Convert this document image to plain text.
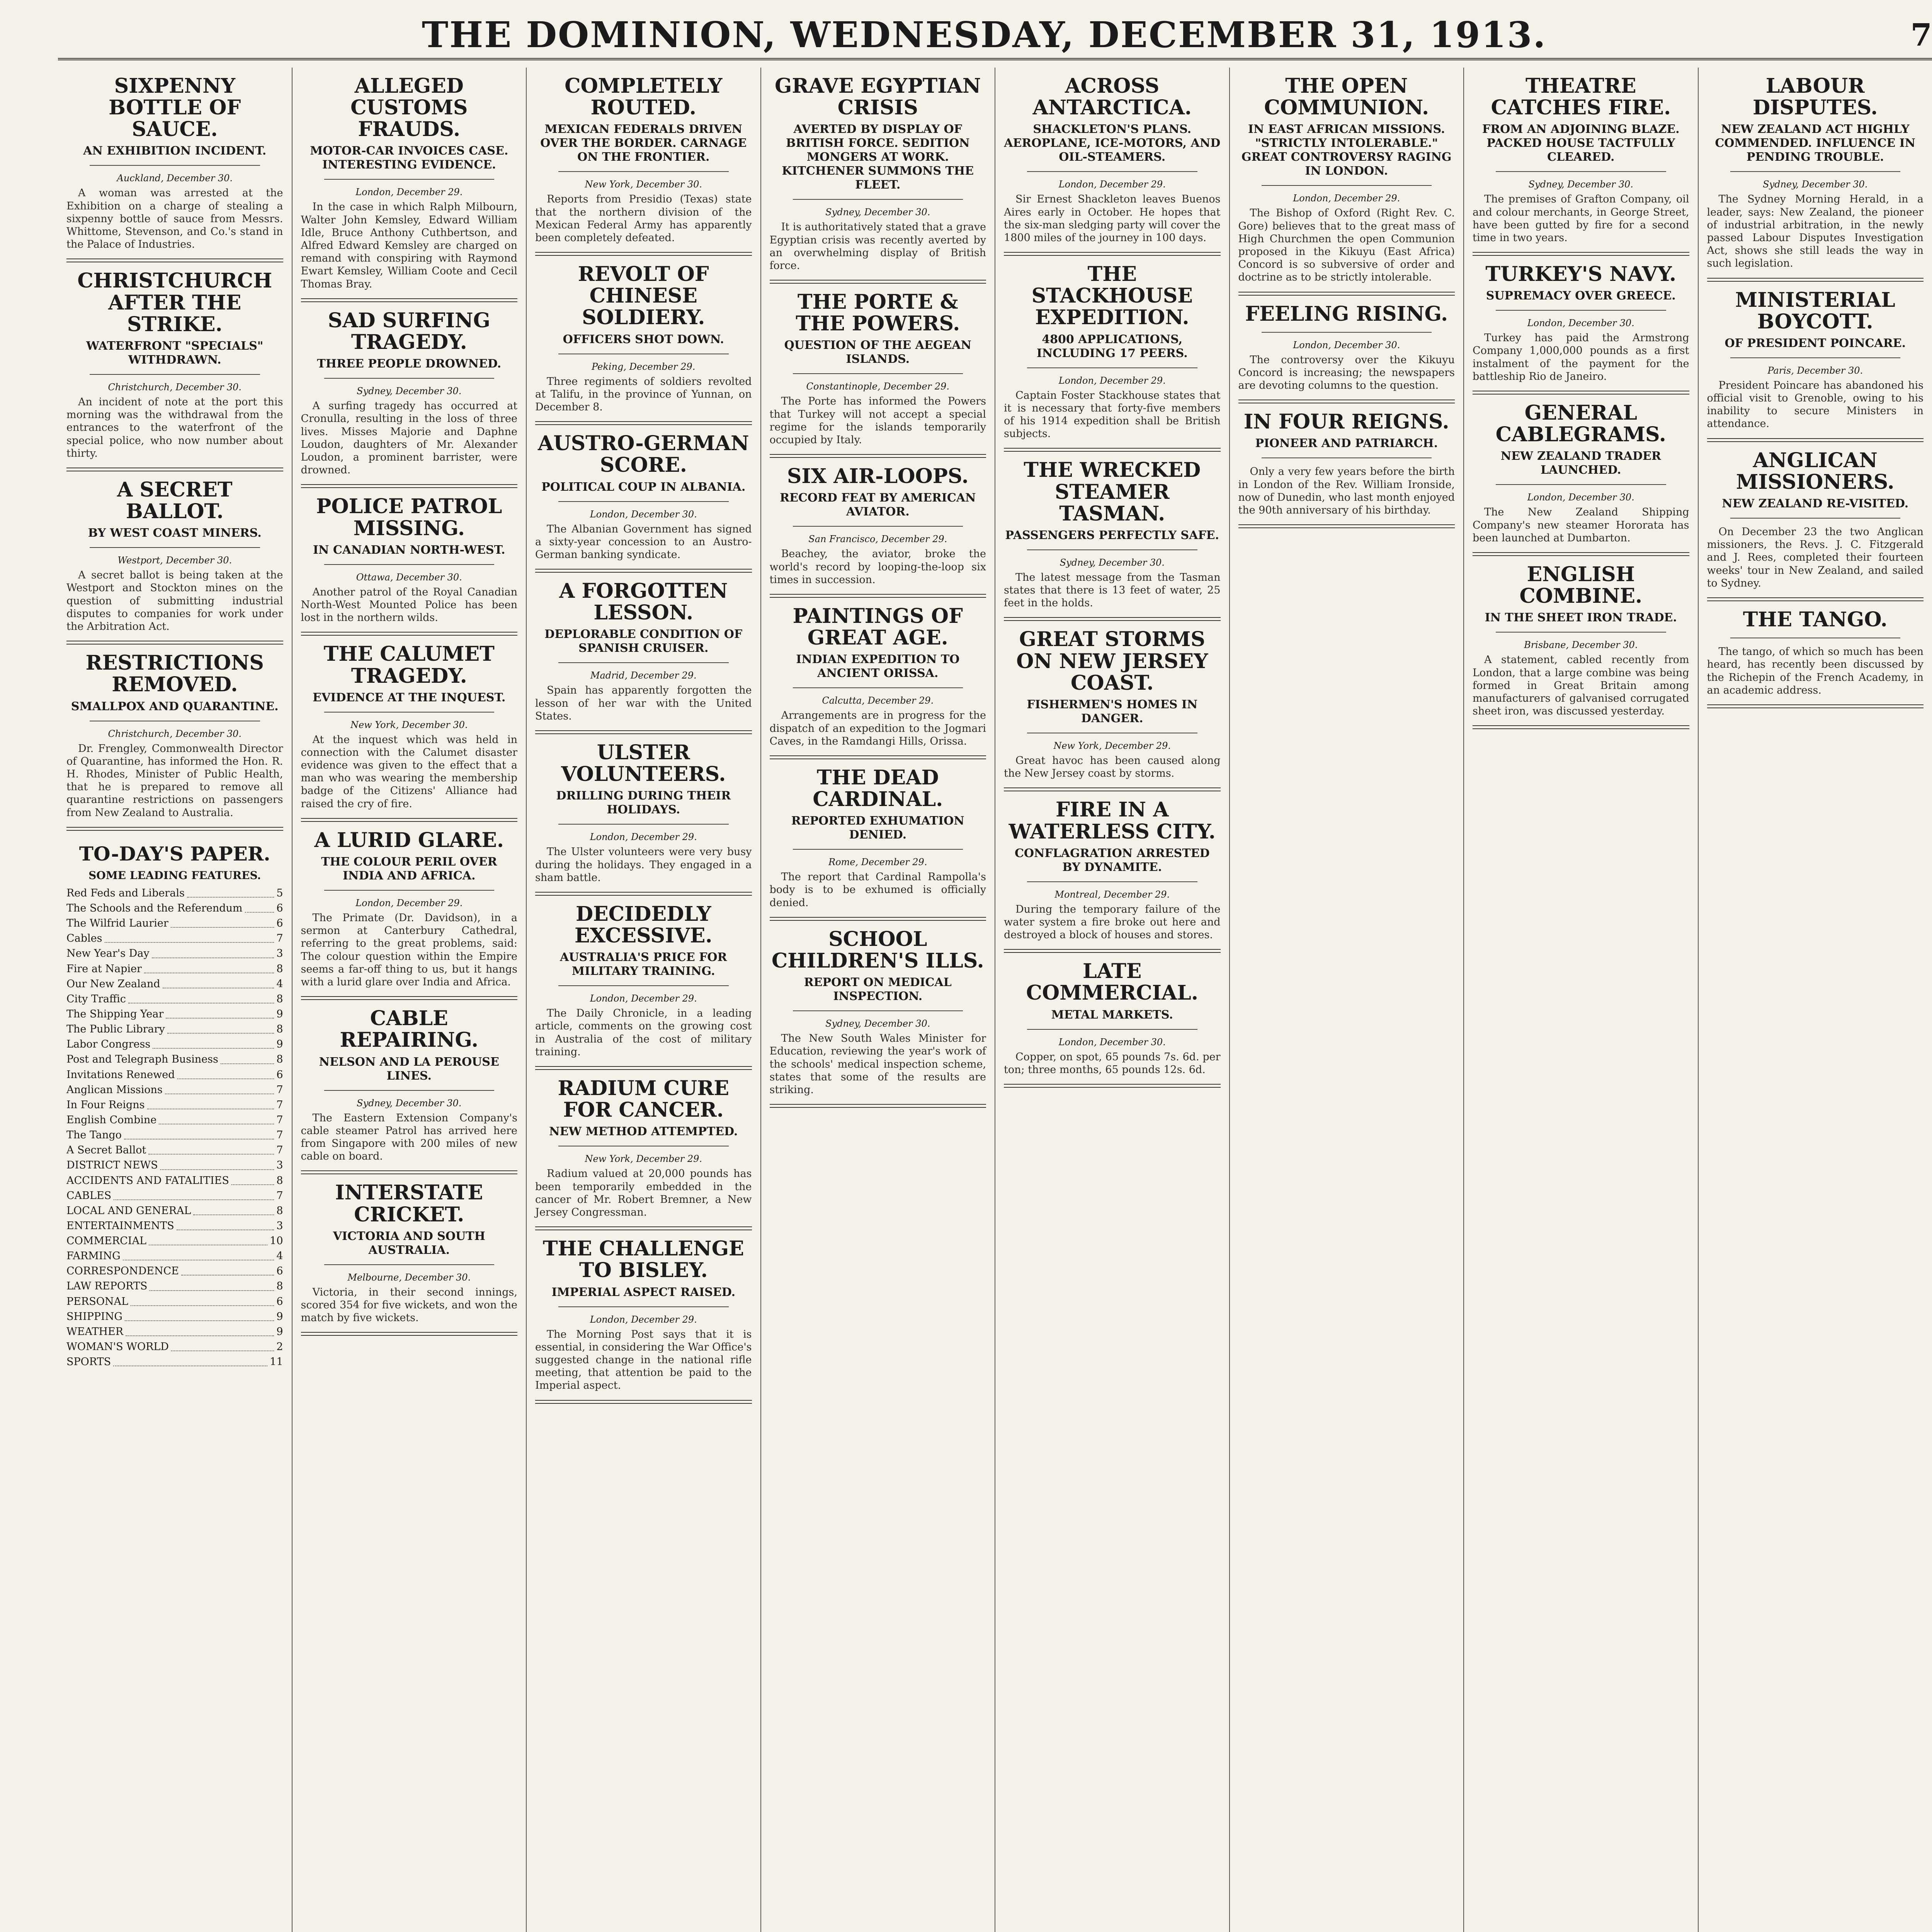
THE DOMINION, WEDNESDAY, DECEMBER 31, 1913.	7
SIXPENNY BOTTLE OF SAUCE.
AN EXHIBITION INCIDENT.
Auckland, December 30.

A woman was arrested at the Exhibition on a charge of stealing a sixpenny bottle of sauce from Messrs. Whittome, Stevenson, and Co.'s stand in the Palace of Industries.

CHRISTCHURCH AFTER THE STRIKE.
WATERFRONT "SPECIALS" WITHDRAWN.
Christchurch, December 30.

An incident of note at the port this morning was the withdrawal from the entrances to the waterfront of the special police, who now number about thirty.

A SECRET BALLOT.
BY WEST COAST MINERS.
Westport, December 30.

A secret ballot is being taken at the Westport and Stockton mines on the question of submitting industrial disputes to companies for work under the Arbitration Act.

RESTRICTIONS REMOVED.
SMALLPOX AND QUARANTINE.
Christchurch, December 30.

Dr. Frengley, Commonwealth Director of Quarantine, has informed the Hon. R. H. Rhodes, Minister of Public Health, that he is prepared to remove all quarantine restrictions on passengers from New Zealand to Australia.

TO-DAY'S PAPER.
SOME LEADING FEATURES.
Red Feds and Liberals	5
The Schools and the Referendum	6
The Wilfrid Laurier	6
Cables	7
New Year's Day	3
Fire at Napier	8
Our New Zealand	4
City Traffic	8
The Shipping Year	9
The Public Library	8
Labor Congress	9
Post and Telegraph Business	8
Invitations Renewed	6
Anglican Missions	7
In Four Reigns	7
English Combine	7
The Tango	7
A Secret Ballot	7
DISTRICT NEWS	3
ACCIDENTS AND FATALITIES	8
CABLES	7
LOCAL AND GENERAL	8
ENTERTAINMENTS	3
COMMERCIAL	10
FARMING	4
CORRESPONDENCE	6
LAW REPORTS	8
PERSONAL	6
SHIPPING	9
WEATHER	9
WOMAN'S WORLD	2
SPORTS	11
ALLEGED CUSTOMS FRAUDS.
MOTOR-CAR INVOICES CASE. INTERESTING EVIDENCE.
London, December 29.

In the case in which Ralph Milbourn, Walter John Kemsley, Edward William Idle, Bruce Anthony Cuthbertson, and Alfred Edward Kemsley are charged on remand with conspiring with Raymond Ewart Kemsley, William Coote and Cecil Thomas Bray.

SAD SURFING TRAGEDY.
THREE PEOPLE DROWNED.
Sydney, December 30.

A surfing tragedy has occurred at Cronulla, resulting in the loss of three lives. Misses Majorie and Daphne Loudon, daughters of Mr. Alexander Loudon, a prominent barrister, were drowned.

POLICE PATROL MISSING.
IN CANADIAN NORTH-WEST.
Ottawa, December 30.

Another patrol of the Royal Canadian North-West Mounted Police has been lost in the northern wilds.

THE CALUMET TRAGEDY.
EVIDENCE AT THE INQUEST.
New York, December 30.

At the inquest which was held in connection with the Calumet disaster evidence was given to the effect that a man who was wearing the membership badge of the Citizens' Alliance had raised the cry of fire.

A LURID GLARE.
THE COLOUR PERIL OVER INDIA AND AFRICA.
London, December 29.

The Primate (Dr. Davidson), in a sermon at Canterbury Cathedral, referring to the great problems, said: The colour question within the Empire seems a far-off thing to us, but it hangs with a lurid glare over India and Africa.

CABLE REPAIRING.
NELSON AND LA PEROUSE LINES.
Sydney, December 30.

The Eastern Extension Company's cable steamer Patrol has arrived here from Singapore with 200 miles of new cable on board.

INTERSTATE CRICKET.
VICTORIA AND SOUTH AUSTRALIA.
Melbourne, December 30.

Victoria, in their second innings, scored 354 for five wickets, and won the match by five wickets.

COMPLETELY ROUTED.
MEXICAN FEDERALS DRIVEN OVER THE BORDER. CARNAGE ON THE FRONTIER.
New York, December 30.

Reports from Presidio (Texas) state that the northern division of the Mexican Federal Army has apparently been completely defeated.

REVOLT OF CHINESE SOLDIERY.
OFFICERS SHOT DOWN.
Peking, December 29.

Three regiments of soldiers revolted at Talifu, in the province of Yunnan, on December 8.

AUSTRO-GERMAN SCORE.
POLITICAL COUP IN ALBANIA.
London, December 30.

The Albanian Government has signed a sixty-year concession to an Austro-German banking syndicate.

A FORGOTTEN LESSON.
DEPLORABLE CONDITION OF SPANISH CRUISER.
Madrid, December 29.

Spain has apparently forgotten the lesson of her war with the United States.

ULSTER VOLUNTEERS.
DRILLING DURING THEIR HOLIDAYS.
London, December 29.

The Ulster volunteers were very busy during the holidays. They engaged in a sham battle.

DECIDEDLY EXCESSIVE.
AUSTRALIA'S PRICE FOR MILITARY TRAINING.
London, December 29.

The Daily Chronicle, in a leading article, comments on the growing cost in Australia of the cost of military training.

RADIUM CURE FOR CANCER.
NEW METHOD ATTEMPTED.
New York, December 29.

Radium valued at 20,000 pounds has been temporarily embedded in the cancer of Mr. Robert Bremner, a New Jersey Congressman.

THE CHALLENGE TO BISLEY.
IMPERIAL ASPECT RAISED.
London, December 29.

The Morning Post says that it is essential, in considering the War Office's suggested change in the national rifle meeting, that attention be paid to the Imperial aspect.

GRAVE EGYPTIAN CRISIS
AVERTED BY DISPLAY OF BRITISH FORCE. SEDITION MONGERS AT WORK. KITCHENER SUMMONS THE FLEET.
Sydney, December 30.

It is authoritatively stated that a grave Egyptian crisis was recently averted by an overwhelming display of British force.

THE PORTE & THE POWERS.
QUESTION OF THE AEGEAN ISLANDS.
Constantinople, December 29.

The Porte has informed the Powers that Turkey will not accept a special regime for the islands temporarily occupied by Italy.

SIX AIR-LOOPS.
RECORD FEAT BY AMERICAN AVIATOR.
San Francisco, December 29.

Beachey, the aviator, broke the world's record by looping-the-loop six times in succession.

PAINTINGS OF GREAT AGE.
INDIAN EXPEDITION TO ANCIENT ORISSA.
Calcutta, December 29.

Arrangements are in progress for the dispatch of an expedition to the Jogmari Caves, in the Ramdangi Hills, Orissa.

THE DEAD CARDINAL.
REPORTED EXHUMATION DENIED.
Rome, December 29.

The report that Cardinal Rampolla's body is to be exhumed is officially denied.

SCHOOL CHILDREN'S ILLS.
REPORT ON MEDICAL INSPECTION.
Sydney, December 30.

The New South Wales Minister for Education, reviewing the year's work of the schools' medical inspection scheme, states that some of the results are striking.

ACROSS ANTARCTICA.
SHACKLETON'S PLANS. AEROPLANE, ICE-MOTORS, AND OIL-STEAMERS.
London, December 29.

Sir Ernest Shackleton leaves Buenos Aires early in October. He hopes that the six-man sledging party will cover the 1800 miles of the journey in 100 days.

THE STACKHOUSE EXPEDITION.
4800 APPLICATIONS, INCLUDING 17 PEERS.
London, December 29.

Captain Foster Stackhouse states that it is necessary that forty-five members of his 1914 expedition shall be British subjects.

THE WRECKED STEAMER TASMAN.
PASSENGERS PERFECTLY SAFE.
Sydney, December 30.

The latest message from the Tasman states that there is 13 feet of water, 25 feet in the holds.

GREAT STORMS ON NEW JERSEY COAST.
FISHERMEN'S HOMES IN DANGER.
New York, December 29.

Great havoc has been caused along the New Jersey coast by storms.

FIRE IN A WATERLESS CITY.
CONFLAGRATION ARRESTED BY DYNAMITE.
Montreal, December 29.

During the temporary failure of the water system a fire broke out here and destroyed a block of houses and stores.

LATE COMMERCIAL.
METAL MARKETS.
London, December 30.

Copper, on spot, 65 pounds 7s. 6d. per ton; three months, 65 pounds 12s. 6d.

THE OPEN COMMUNION.
IN EAST AFRICAN MISSIONS. "STRICTLY INTOLERABLE." GREAT CONTROVERSY RAGING IN LONDON.
London, December 29.

The Bishop of Oxford (Right Rev. C. Gore) believes that to the great mass of High Churchmen the open Communion proposed in the Kikuyu (East Africa) Concord is so subversive of order and doctrine as to be strictly intolerable.

FEELING RISING.
London, December 30.

The controversy over the Kikuyu Concord is increasing; the newspapers are devoting columns to the question.

IN FOUR REIGNS.
PIONEER AND PATRIARCH.

Only a very few years before the birth in London of the Rev. William Ironside, now of Dunedin, who last month enjoyed the 90th anniversary of his birthday.

THEATRE CATCHES FIRE.
FROM AN ADJOINING BLAZE. PACKED HOUSE TACTFULLY CLEARED.
Sydney, December 30.

The premises of Grafton Company, oil and colour merchants, in George Street, have been gutted by fire for a second time in two years.

TURKEY'S NAVY.
SUPREMACY OVER GREECE.
London, December 30.

Turkey has paid the Armstrong Company 1,000,000 pounds as a first instalment of the payment for the battleship Rio de Janeiro.

GENERAL CABLEGRAMS.
NEW ZEALAND TRADER LAUNCHED.
London, December 30.

The New Zealand Shipping Company's new steamer Hororata has been launched at Dumbarton.

ENGLISH COMBINE.
IN THE SHEET IRON TRADE.
Brisbane, December 30.

A statement, cabled recently from London, that a large combine was being formed in Great Britain among manufacturers of galvanised corrugated sheet iron, was discussed yesterday.

LABOUR DISPUTES.
NEW ZEALAND ACT HIGHLY COMMENDED. INFLUENCE IN PENDING TROUBLE.
Sydney, December 30.

The Sydney Morning Herald, in a leader, says: New Zealand, the pioneer of industrial arbitration, in the newly passed Labour Disputes Investigation Act, shows she still leads the way in such legislation.

MINISTERIAL BOYCOTT.
OF PRESIDENT POINCARE.
Paris, December 30.

President Poincare has abandoned his official visit to Grenoble, owing to his inability to secure Ministers in attendance.

ANGLICAN MISSIONERS.
NEW ZEALAND RE-VISITED.

On December 23 the two Anglican missioners, the Revs. J. C. Fitzgerald and J. Rees, completed their fourteen weeks' tour in New Zealand, and sailed to Sydney.

THE TANGO.

The tango, of which so much has been heard, has recently been discussed by the Richepin of the French Academy, in an academic address.
